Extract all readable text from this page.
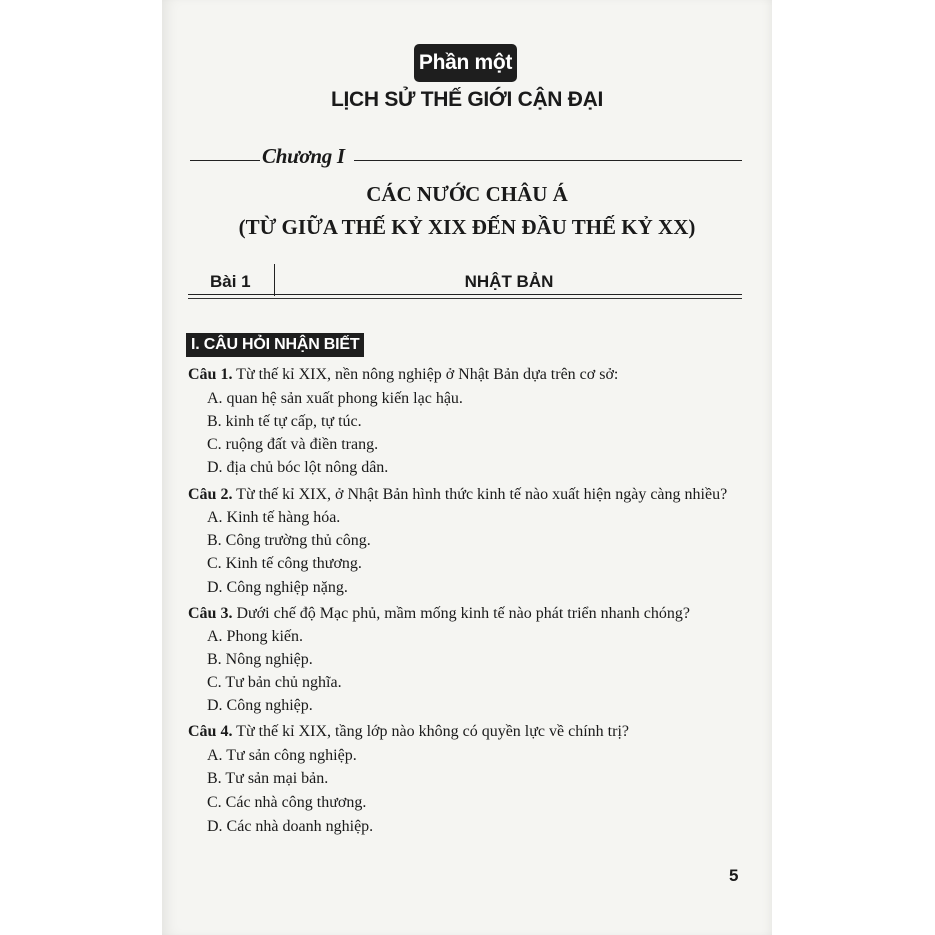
Phần một
LỊCH SỬ THẾ GIỚI CẬN ĐẠI
Chương I
CÁC NƯỚC CHÂU Á
(TỪ GIỮA THẾ KỶ XIX ĐẾN ĐẦU THẾ KỶ XX)
Bài 1	NHẬT BẢN
I. CÂU HỎI NHẬN BIẾT
Câu 1. Từ thế kỉ XIX, nền nông nghiệp ở Nhật Bản dựa trên cơ sở:
A. quan hệ sản xuất phong kiến lạc hậu.
B. kinh tế tự cấp, tự túc.
C. ruộng đất và điền trang.
D. địa chủ bóc lột nông dân.
Câu 2. Từ thế kỉ XIX, ở Nhật Bản hình thức kinh tế nào xuất hiện ngày càng nhiều?
A. Kinh tế hàng hóa.
B. Công trường thủ công.
C. Kinh tế công thương.
D. Công nghiệp nặng.
Câu 3. Dưới chế độ Mạc phủ, mầm mống kinh tế nào phát triển nhanh chóng?
A. Phong kiến.
B. Nông nghiệp.
C. Tư bản chủ nghĩa.
D. Công nghiệp.
Câu 4. Từ thế kỉ XIX, tầng lớp nào không có quyền lực về chính trị?
A. Tư sản công nghiệp.
B. Tư sản mại bản.
C. Các nhà công thương.
D. Các nhà doanh nghiệp.
5
